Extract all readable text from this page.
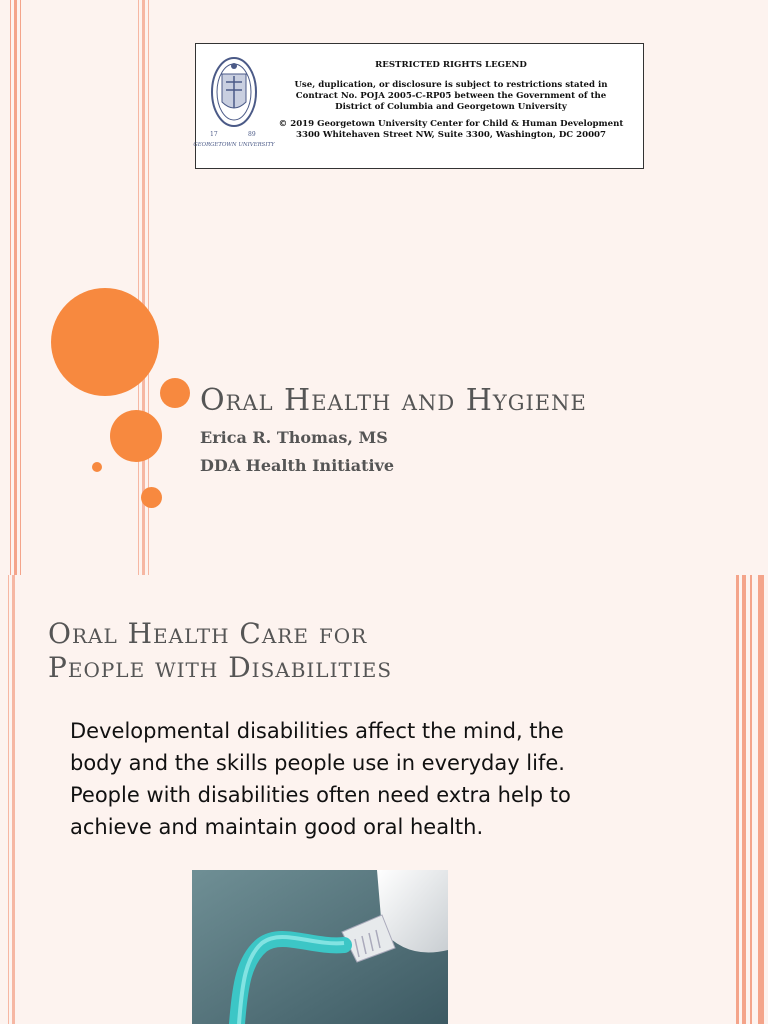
17	89
GEORGETOWN UNIVERSITY
RESTRICTED RIGHTS LEGEND
Use, duplication, or disclosure is subject to restrictions stated in
Contract No. POJA 2005-C-RP05 between the Government of the
District of Columbia and Georgetown University
© 2019 Georgetown University Center for Child & Human Development
3300 Whitehaven Street NW, Suite 3300, Washington, DC 20007
Oral Health and Hygiene

Erica R. Thomas, MS

DDA Health Initiative

Oral Health Care for
People with Disabilities

Developmental disabilities affect the mind, the
body and the skills people use in everyday life.
People with disabilities often need extra help to
achieve and maintain good oral health.
